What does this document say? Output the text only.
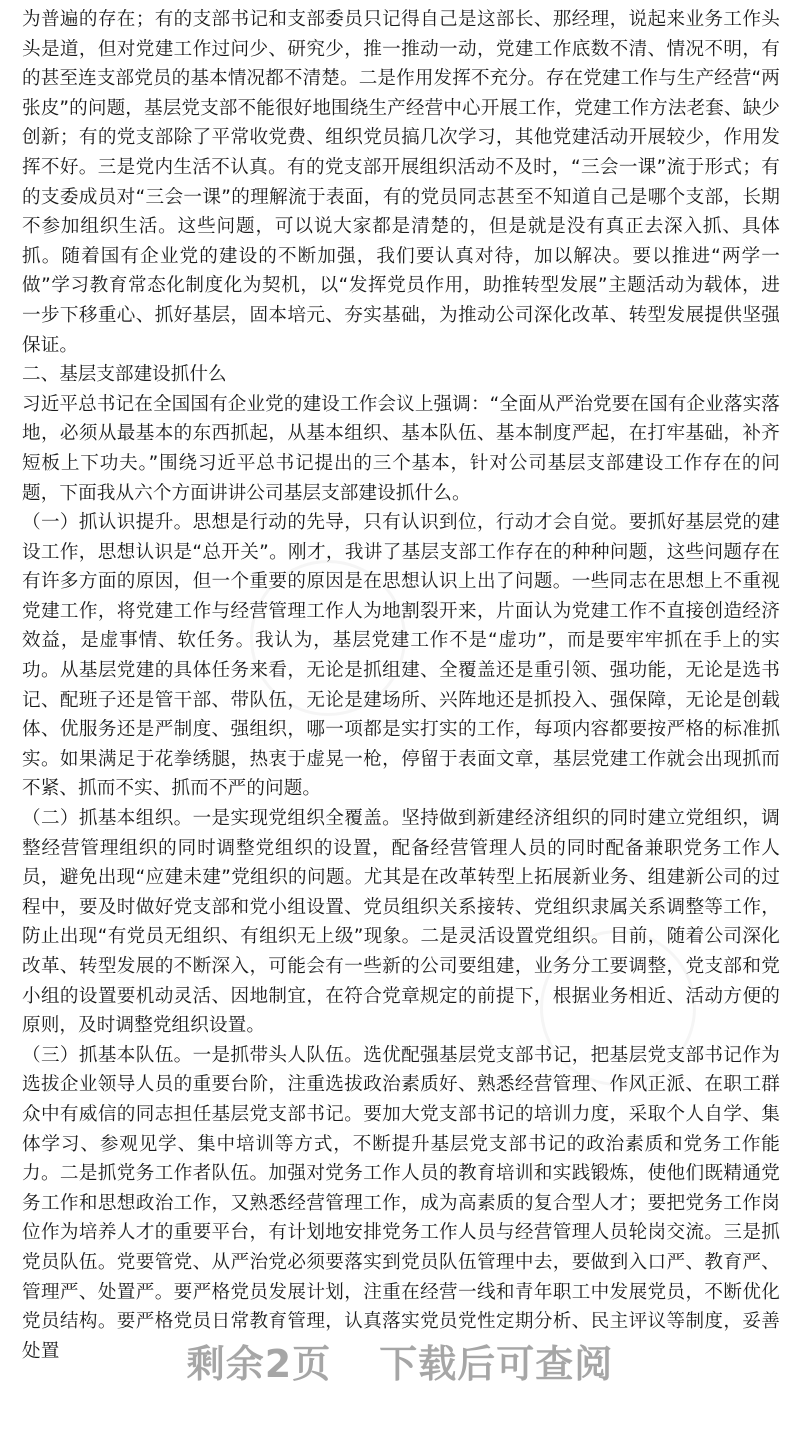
为普遍的存在；有的支部书记和支部委员只记得自己是这部长、那经理，说起来业务工作头头是道，但对党建工作过问少、研究少，推一推动一动，党建工作底数不清、情况不明，有的甚至连支部党员的基本情况都不清楚。二是作用发挥不充分。存在党建工作与生产经营“两张皮”的问题，基层党支部不能很好地围绕生产经营中心开展工作，党建工作方法老套、缺少创新；有的党支部除了平常收党费、组织党员搞几次学习，其他党建活动开展较少，作用发挥不好。三是党内生活不认真。有的党支部开展组织活动不及时，“三会一课”流于形式；有的支委成员对“三会一课”的理解流于表面，有的党员同志甚至不知道自己是哪个支部，长期不参加组织生活。这些问题，可以说大家都是清楚的，但是就是没有真正去深入抓、具体抓。随着国有企业党的建设的不断加强，我们要认真对待，加以解决。要以推进“两学一做”学习教育常态化制度化为契机，以“发挥党员作用，助推转型发展”主题活动为载体，进一步下移重心、抓好基层，固本培元、夯实基础，为推动公司深化改革、转型发展提供坚强保证。

二、基层支部建设抓什么

习近平总书记在全国国有企业党的建设工作会议上强调：“全面从严治党要在国有企业落实落地，必须从最基本的东西抓起，从基本组织、基本队伍、基本制度严起，在打牢基础，补齐短板上下功夫。”围绕习近平总书记提出的三个基本，针对公司基层支部建设工作存在的问题，下面我从六个方面讲讲公司基层支部建设抓什么。

（一）抓认识提升。思想是行动的先导，只有认识到位，行动才会自觉。要抓好基层党的建设工作，思想认识是“总开关”。刚才，我讲了基层支部工作存在的种种问题，这些问题存在有许多方面的原因，但一个重要的原因是在思想认识上出了问题。一些同志在思想上不重视党建工作，将党建工作与经营管理工作人为地割裂开来，片面认为党建工作不直接创造经济效益，是虚事情、软任务。我认为，基层党建工作不是“虚功”，而是要牢牢抓在手上的实功。从基层党建的具体任务来看，无论是抓组建、全覆盖还是重引领、强功能，无论是选书记、配班子还是管干部、带队伍，无论是建场所、兴阵地还是抓投入、强保障，无论是创载体、优服务还是严制度、强组织，哪一项都是实打实的工作，每项内容都要按严格的标准抓实。如果满足于花拳绣腿，热衷于虚晃一枪，停留于表面文章，基层党建工作就会出现抓而不紧、抓而不实、抓而不严的问题。

（二）抓基本组织。一是实现党组织全覆盖。坚持做到新建经济组织的同时建立党组织，调整经营管理组织的同时调整党组织的设置，配备经营管理人员的同时配备兼职党务工作人员，避免出现“应建未建”党组织的问题。尤其是在改革转型上拓展新业务、组建新公司的过程中，要及时做好党支部和党小组设置、党员组织关系接转、党组织隶属关系调整等工作，防止出现“有党员无组织、有组织无上级”现象。二是灵活设置党组织。目前，随着公司深化改革、转型发展的不断深入，可能会有一些新的公司要组建，业务分工要调整，党支部和党小组的设置要机动灵活、因地制宜，在符合党章规定的前提下，根据业务相近、活动方便的原则，及时调整党组织设置。

（三）抓基本队伍。一是抓带头人队伍。选优配强基层党支部书记，把基层党支部书记作为选拔企业领导人员的重要台阶，注重选拔政治素质好、熟悉经营管理、作风正派、在职工群众中有威信的同志担任基层党支部书记。要加大党支部书记的培训力度，采取个人自学、集体学习、参观见学、集中培训等方式，不断提升基层党支部书记的政治素质和党务工作能力。二是抓党务工作者队伍。加强对党务工作人员的教育培训和实践锻炼，使他们既精通党务工作和思想政治工作，又熟悉经营管理工作，成为高素质的复合型人才；要把党务工作岗位作为培养人才的重要平台，有计划地安排党务工作人员与经营管理人员轮岗交流。三是抓党员队伍。党要管党、从严治党必须要落实到党员队伍管理中去，要做到入口严、教育严、管理严、处置严。要严格党员发展计划，注重在经营一线和青年职工中发展党员，不断优化党员结构。要严格党员日常教育管理，认真落实党员党性定期分析、民主评议等制度，妥善处置	剩余2页 下载后可查阅
